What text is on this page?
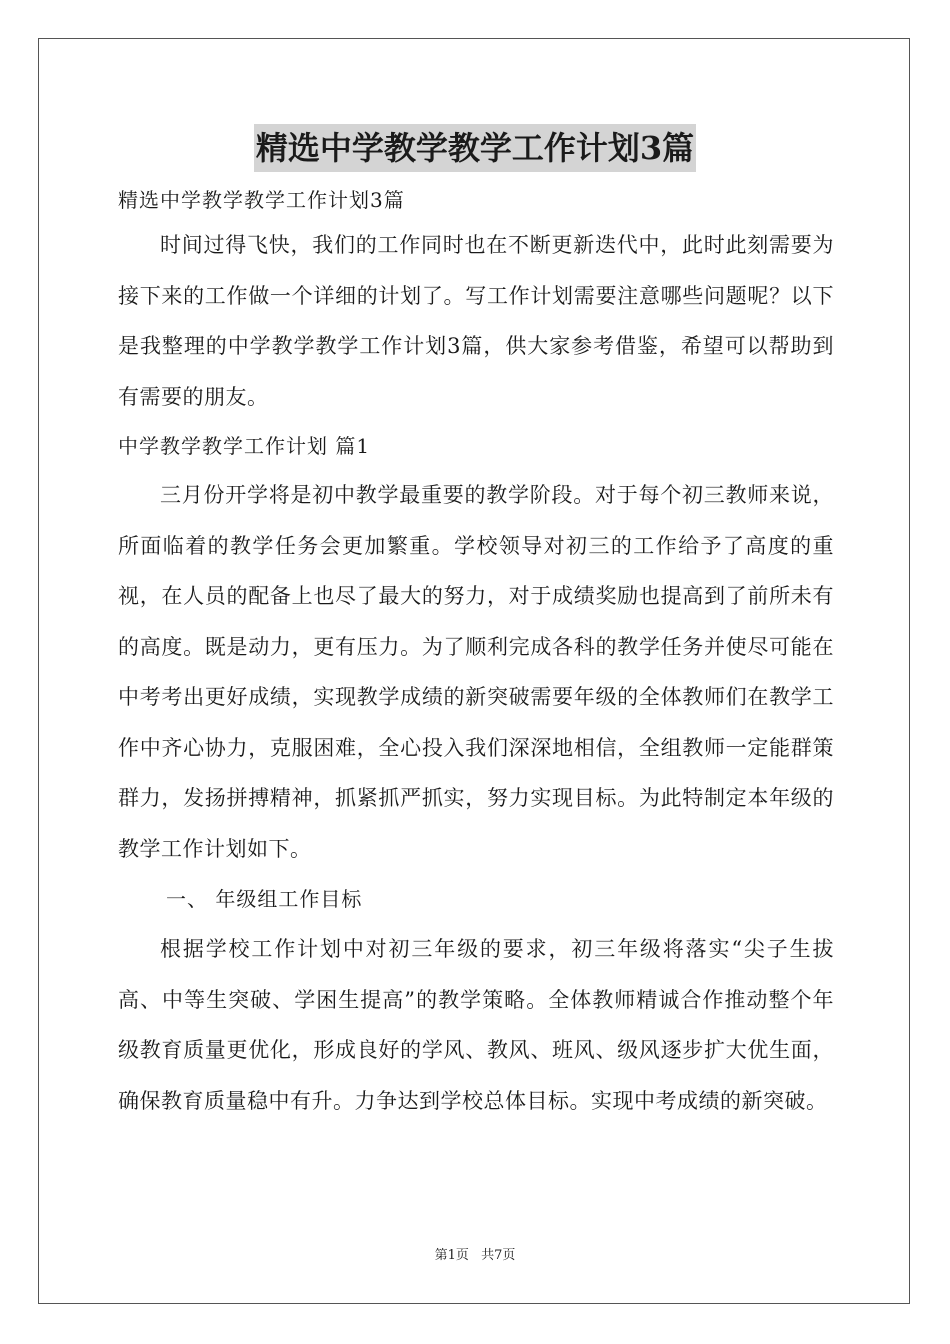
精选中学教学教学工作计划3篇
精选中学教学教学工作计划3篇

时间过得飞快，我们的工作同时也在不断更新迭代中，此时此刻需要为接下来的工作做一个详细的计划了。写工作计划需要注意哪些问题呢？以下是我整理的中学教学教学工作计划3篇，供大家参考借鉴，希望可以帮助到有需要的朋友。

中学教学教学工作计划 篇1

三月份开学将是初中教学最重要的教学阶段。对于每个初三教师来说，所面临着的教学任务会更加繁重。学校领导对初三的工作给予了高度的重视，在人员的配备上也尽了最大的努力，对于成绩奖励也提高到了前所未有的高度。既是动力，更有压力。为了顺利完成各科的教学任务并使尽可能在中考考出更好成绩，实现教学成绩的新突破需要年级的全体教师们在教学工作中齐心协力，克服困难，全心投入我们深深地相信，全组教师一定能群策群力，发扬拼搏精神，抓紧抓严抓实，努力实现目标。为此特制定本年级的教学工作计划如下。

一、 年级组工作目标

根据学校工作计划中对初三年级的要求，初三年级将落实“尖子生拔高、中等生突破、学困生提高”的教学策略。全体教师精诚合作推动整个年级教育质量更优化，形成良好的学风、教风、班风、级风逐步扩大优生面，确保教育质量稳中有升。力争达到学校总体目标。实现中考成绩的新突破。

第1页 共7页
